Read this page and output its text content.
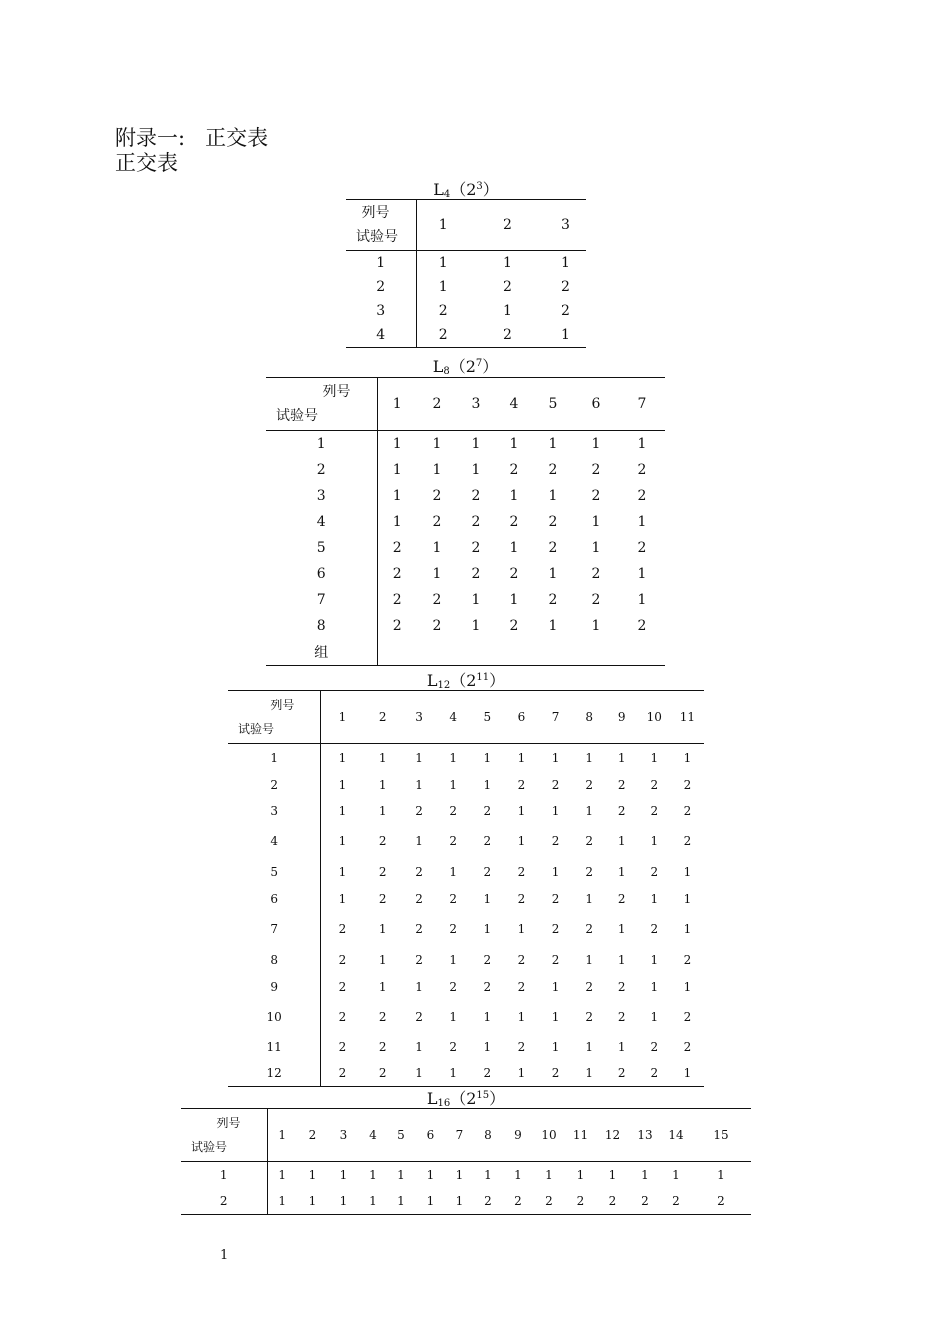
附录一:   正交表
正交表
$L_4(2^3)$
列号
试验号	1	2	3
1	1	1	1
2	1	2	2
3	2	1	2
4	2	2	1
$L_8(2^7)$
列号
试验号	1	2	3	4	5	6	7
1	1	1	1	1	1	1	1
2	1	1	1	2	2	2	2
3	1	2	2	1	1	2	2
4	1	2	2	2	2	1	1
5	2	1	2	1	2	1	2
6	2	1	2	2	1	2	1
7	2	2	1	1	2	2	1
8	2	2	1	2	1	1	2
组							
$L_{12}(2^{11})$
列号
试验号	1	2	3	4	5	6	7	8	9	10	11
1	1	1	1	1	1	1	1	1	1	1	1
2	1	1	1	1	1	2	2	2	2	2	2
3	1	1	2	2	2	1	1	1	2	2	2
4	1	2	1	2	2	1	2	2	1	1	2
5	1	2	2	1	2	2	1	2	1	2	1
6	1	2	2	2	1	2	2	1	2	1	1
7	2	1	2	2	1	1	2	2	1	2	1
8	2	1	2	1	2	2	2	1	1	1	2
9	2	1	1	2	2	2	1	2	2	1	1
10	2	2	2	1	1	1	1	2	2	1	2
11	2	2	1	2	1	2	1	1	1	2	2
12	2	2	1	1	2	1	2	1	2	2	1
$L_{16}(2^{15})$
列号
试验号	1	2	3	4	5	6	7	8	9	10	11	12	13	14	15	
1	1	1	1	1	1	1	1	1	1	1	1	1	1	1	1	
2	1	1	1	1	1	1	1	2	2	2	2	2	2	2	2	
1
